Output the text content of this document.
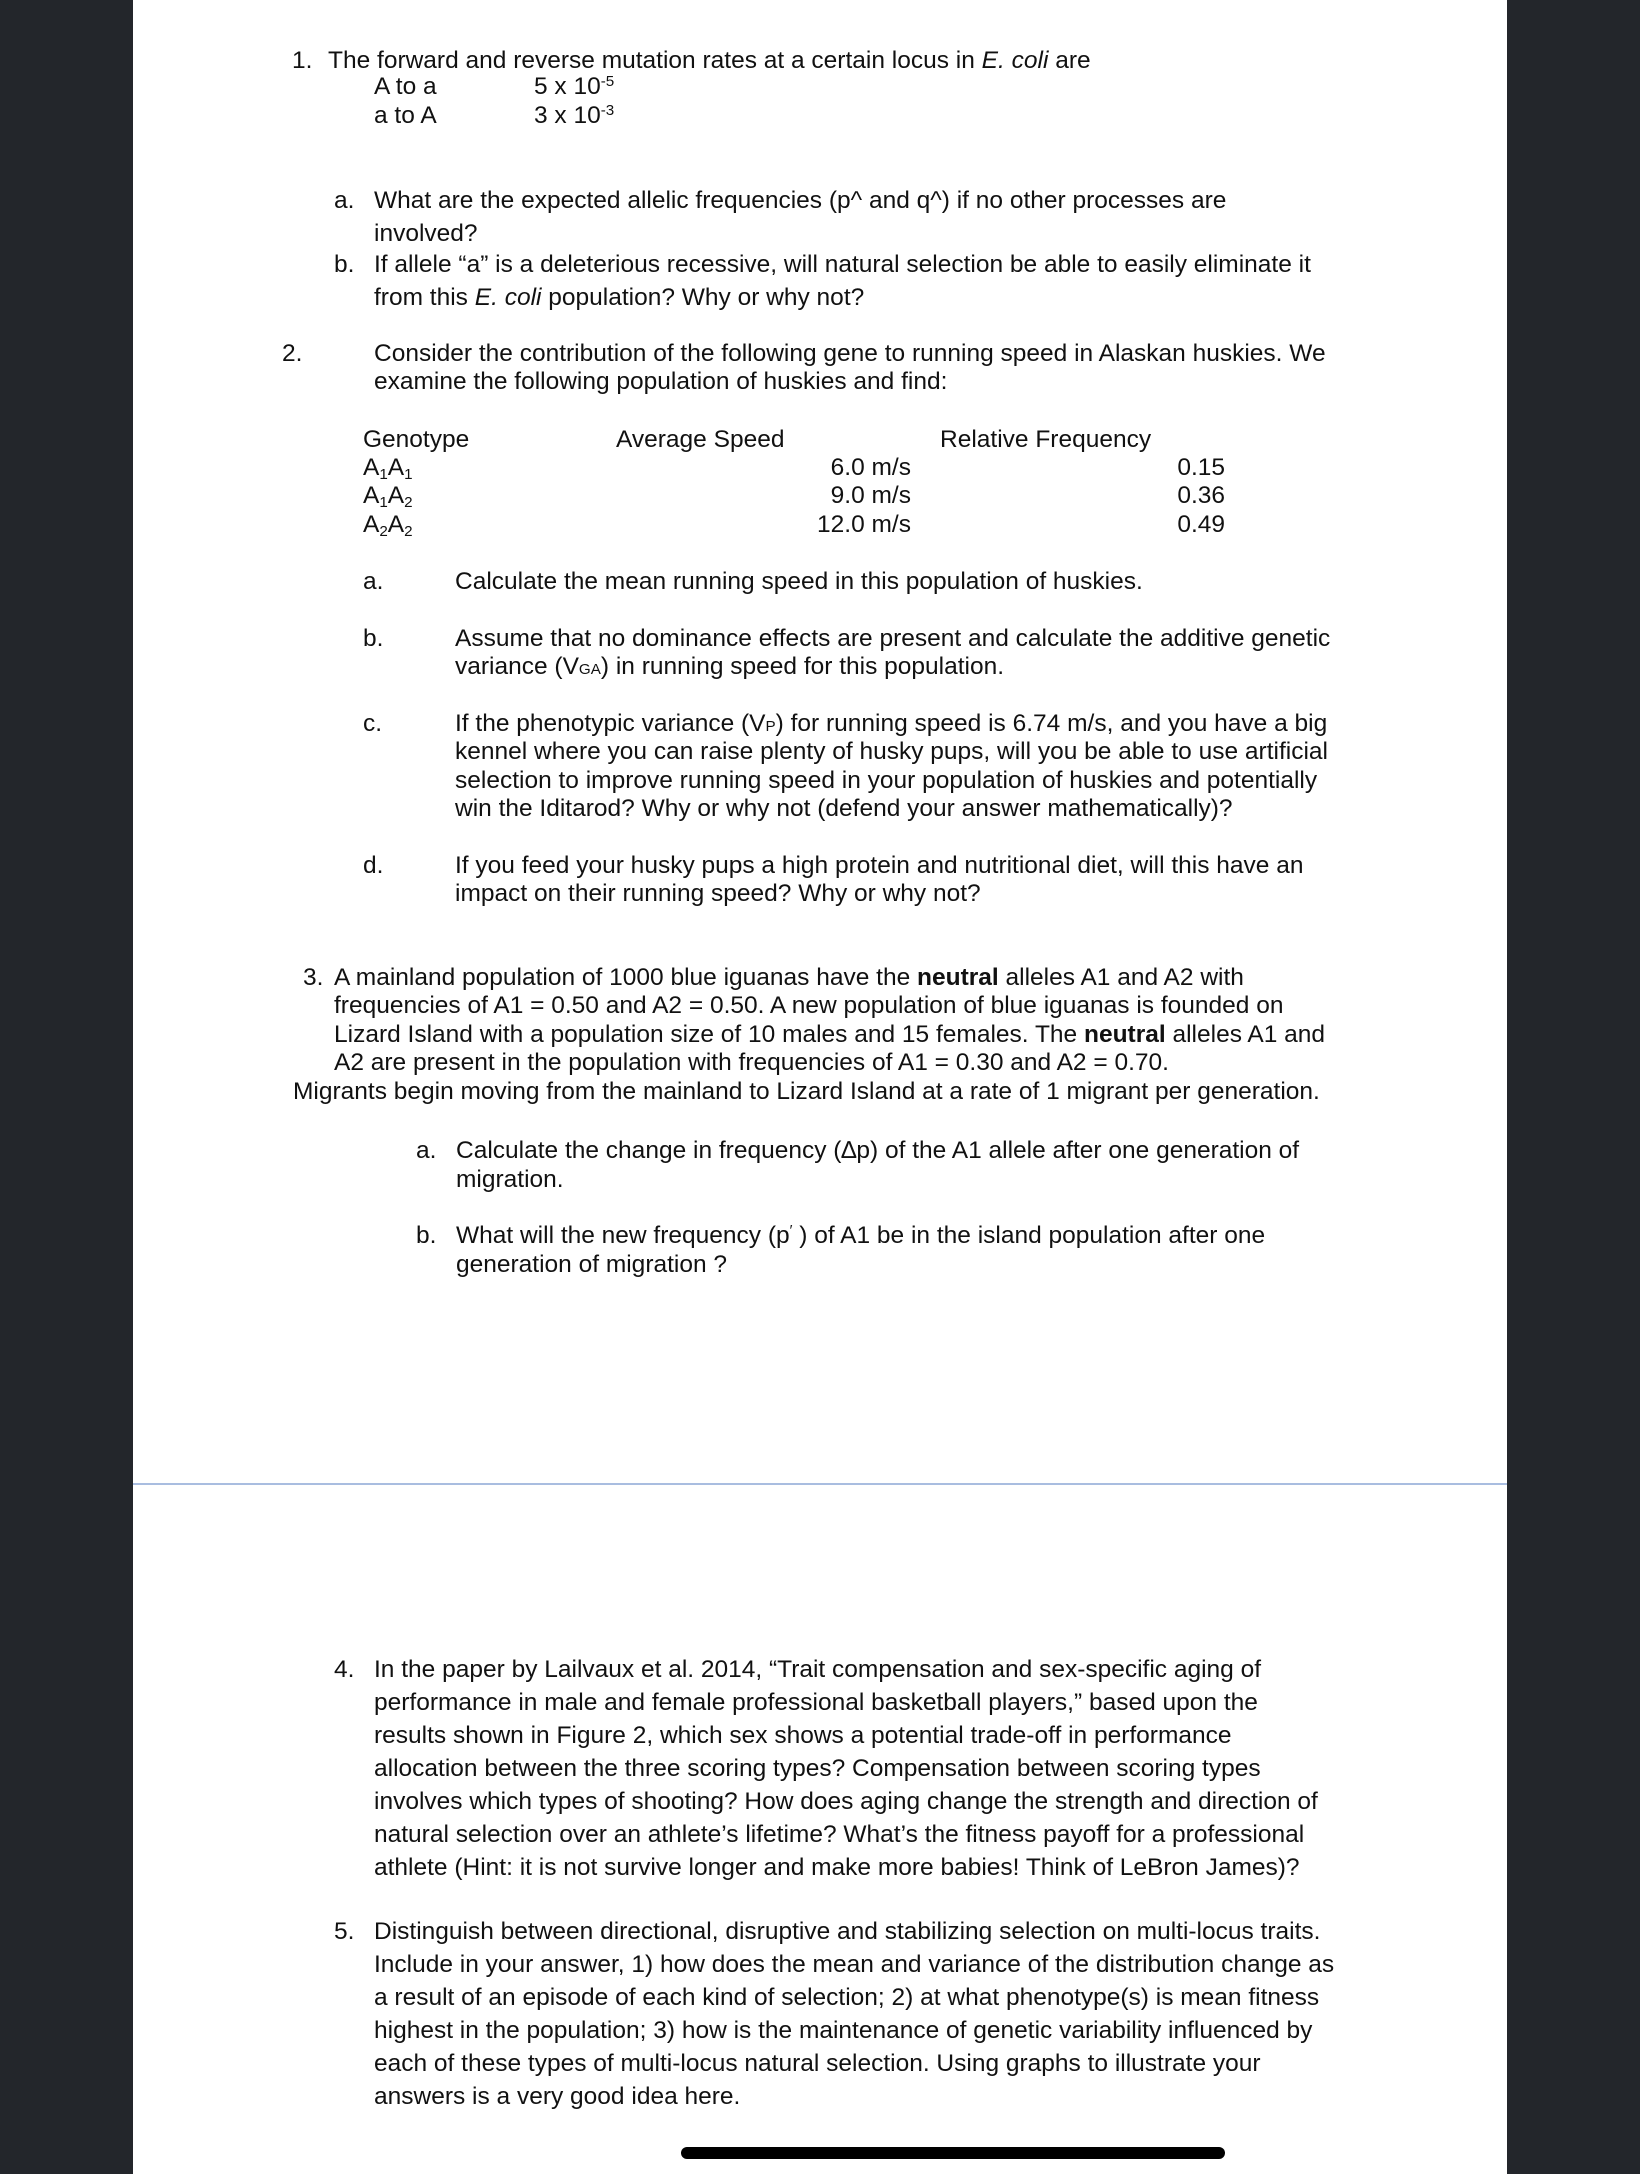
1. The forward and reverse mutation rates at a certain locus in E. coli are
A to a	5 x $10^{-5}$
a to A	3 x $10^{-3}$
a. What are the expected allelic frequencies (p^ and q^) if no other processes are
involved?
b. If allele “a” is a deleterious recessive, will natural selection be able to easily eliminate it
from this E. coli population? Why or why not?
2.	Consider the contribution of the following gene to running speed in Alaskan huskies. We
examine the following population of huskies and find:
Genotype	Average Speed	Relative Frequency
A1A1	6.0 m/s	0.15
A1A2	9.0 m/s	0.36
A2A2	12.0 m/s	0.49
a.	Calculate the mean running speed in this population of huskies.
b.	Assume that no dominance effects are present and calculate the additive genetic
variance (VGA) in running speed for this population.
c.	If the phenotypic variance (VP) for running speed is 6.74 m/s, and you have a big
kennel where you can raise plenty of husky pups, will you be able to use artificial
selection to improve running speed in your population of huskies and potentially
win the Iditarod? Why or why not (defend your answer mathematically)?
d.	If you feed your husky pups a high protein and nutritional diet, will this have an
impact on their running speed? Why or why not?
3. A mainland population of 1000 blue iguanas have the neutral alleles A1 and A2 with
frequencies of A1 = 0.50 and A2 = 0.50. A new population of blue iguanas is founded on
Lizard Island with a population size of 10 males and 15 females. The neutral alleles A1 and
A2 are present in the population with frequencies of A1 = 0.30 and A2 = 0.70.
Migrants begin moving from the mainland to Lizard Island at a rate of 1 migrant per generation.
a. Calculate the change in frequency (∆p) of the A1 allele after one generation of
migration.
b. What will the new frequency (p′ ) of A1 be in the island population after one
generation of migration ?
4. In the paper by Lailvaux et al. 2014, “Trait compensation and sex-specific aging of
performance in male and female professional basketball players,” based upon the
results shown in Figure 2, which sex shows a potential trade-off in performance
allocation between the three scoring types? Compensation between scoring types
involves which types of shooting? How does aging change the strength and direction of
natural selection over an athlete’s lifetime? What’s the fitness payoff for a professional
athlete (Hint: it is not survive longer and make more babies! Think of LeBron James)?
5. Distinguish between directional, disruptive and stabilizing selection on multi-locus traits.
Include in your answer, 1) how does the mean and variance of the distribution change as
a result of an episode of each kind of selection; 2) at what phenotype(s) is mean fitness
highest in the population; 3) how is the maintenance of genetic variability influenced by
each of these types of multi-locus natural selection. Using graphs to illustrate your
answers is a very good idea here.
